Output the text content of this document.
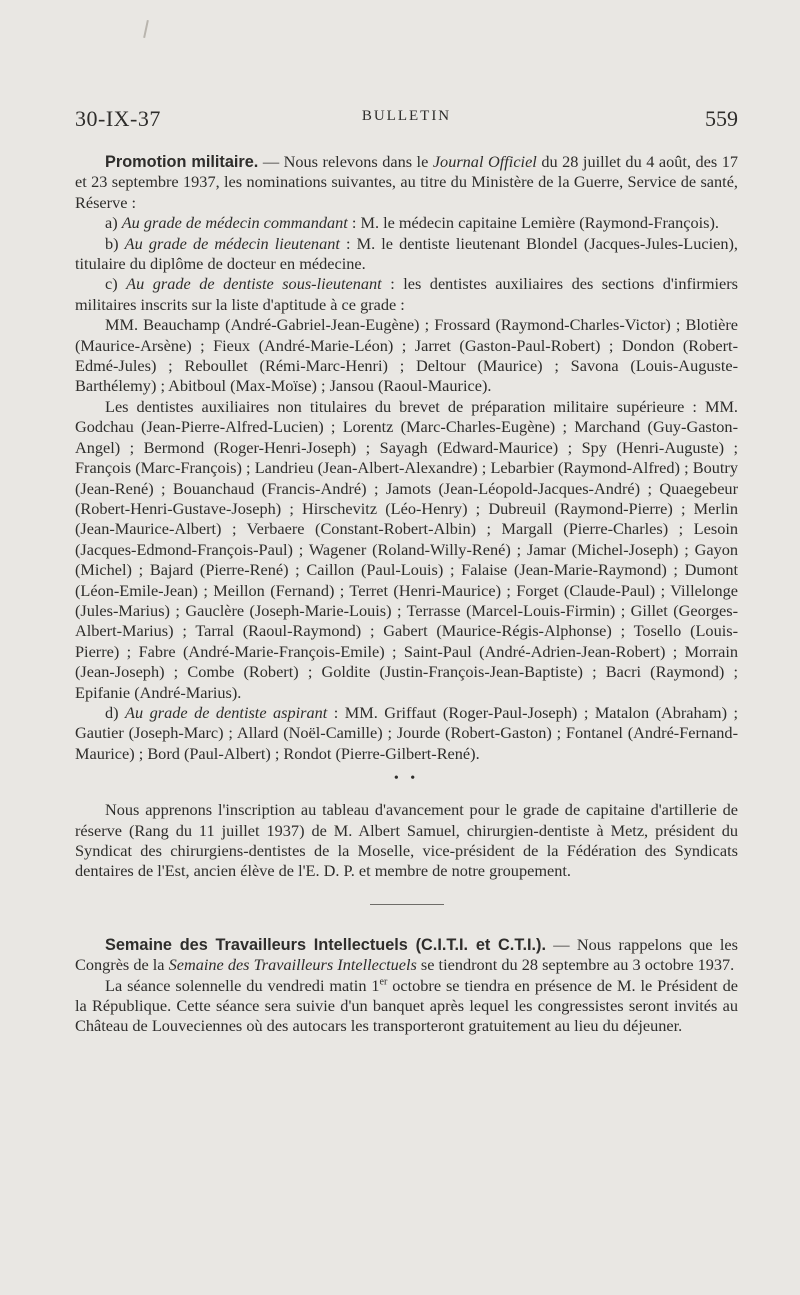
30-IX-37	BULLETIN	559

Promotion militaire. — Nous relevons dans le Journal Officiel du 28 juillet du 4 août, des 17 et 23 septembre 1937, les nominations suivantes, au titre du Ministère de la Guerre, Service de santé, Réserve :

a) Au grade de médecin commandant : M. le médecin capitaine Lemière (Raymond-François).

b) Au grade de médecin lieutenant : M. le dentiste lieutenant Blondel (Jacques-Jules-Lucien), titulaire du diplôme de docteur en médecine.

c) Au grade de dentiste sous-lieutenant : les dentistes auxiliaires des sections d'infirmiers militaires inscrits sur la liste d'aptitude à ce grade :

MM. Beauchamp (André-Gabriel-Jean-Eugène) ; Frossard (Raymond-Charles-Victor) ; Blotière (Maurice-Arsène) ; Fieux (André-Marie-Léon) ; Jarret (Gaston-Paul-Robert) ; Dondon (Robert-Edmé-Jules) ; Reboullet (Rémi-Marc-Henri) ; Deltour (Maurice) ; Savona (Louis-Auguste-Barthélemy) ; Abitboul (Max-Moïse) ; Jansou (Raoul-Maurice).

Les dentistes auxiliaires non titulaires du brevet de préparation militaire supérieure : MM. Godchau (Jean-Pierre-Alfred-Lucien) ; Lorentz (Marc-Charles-Eugène) ; Marchand (Guy-Gaston-Angel) ; Bermond (Roger-Henri-Joseph) ; Sayagh (Edward-Maurice) ; Spy (Henri-Auguste) ; François (Marc-François) ; Landrieu (Jean-Albert-Alexandre) ; Lebarbier (Raymond-Alfred) ; Boutry (Jean-René) ; Bouanchaud (Francis-André) ; Jamots (Jean-Léopold-Jacques-André) ; Quaegebeur (Robert-Henri-Gustave-Joseph) ; Hirschevitz (Léo-Henry) ; Dubreuil (Raymond-Pierre) ; Merlin (Jean-Maurice-Albert) ; Verbaere (Constant-Robert-Albin) ; Margall (Pierre-Charles) ; Lesoin (Jacques-Edmond-François-Paul) ; Wagener (Roland-Willy-René) ; Jamar (Michel-Joseph) ; Gayon (Michel) ; Bajard (Pierre-René) ; Caillon (Paul-Louis) ; Falaise (Jean-Marie-Raymond) ; Dumont (Léon-Emile-Jean) ; Meillon (Fernand) ; Terret (Henri-Maurice) ; Forget (Claude-Paul) ; Villelonge (Jules-Marius) ; Gauclère (Joseph-Marie-Louis) ; Terrasse (Marcel-Louis-Firmin) ; Gillet (Georges-Albert-Marius) ; Tarral (Raoul-Raymond) ; Gabert (Maurice-Régis-Alphonse) ; Tosello (Louis-Pierre) ; Fabre (André-Marie-François-Emile) ; Saint-Paul (André-Adrien-Jean-Robert) ; Morrain (Jean-Joseph) ; Combe (Robert) ; Goldite (Justin-François-Jean-Baptiste) ; Bacri (Raymond) ; Epifanie (André-Marius).

d) Au grade de dentiste aspirant : MM. Griffaut (Roger-Paul-Joseph) ; Matalon (Abraham) ; Gautier (Joseph-Marc) ; Allard (Noël-Camille) ; Jourde (Robert-Gaston) ; Fontanel (André-Fernand-Maurice) ; Bord (Paul-Albert) ; Rondot (Pierre-Gilbert-René).

• •

Nous apprenons l'inscription au tableau d'avancement pour le grade de capitaine d'artillerie de réserve (Rang du 11 juillet 1937) de M. Albert Samuel, chirurgien-dentiste à Metz, président du Syndicat des chirurgiens-dentistes de la Moselle, vice-président de la Fédération des Syndicats dentaires de l'Est, ancien élève de l'E. D. P. et membre de notre groupement.

Semaine des Travailleurs Intellectuels (C.I.T.I. et C.T.I.). — Nous rappelons que les Congrès de la Semaine des Travailleurs Intellectuels se tiendront du 28 septembre au 3 octobre 1937.

La séance solennelle du vendredi matin 1er octobre se tiendra en présence de M. le Président de la République. Cette séance sera suivie d'un banquet après lequel les congressistes seront invités au Château de Louveciennes où des autocars les transporteront gratuitement au lieu du déjeuner.
